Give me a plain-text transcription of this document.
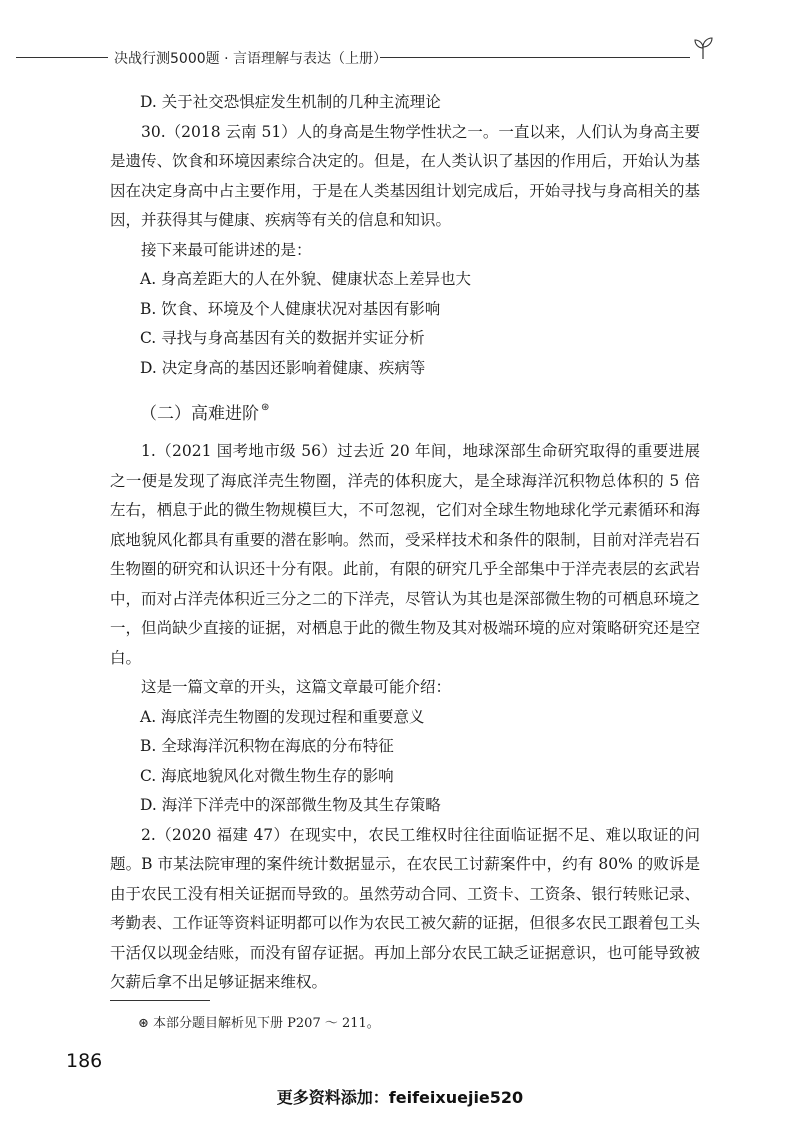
决战行测5000题 · 言语理解与表达（上册）

D. 关于社交恐惧症发生机制的几种主流理论

30.（2018 云南 51）人的身高是生物学性状之一。一直以来，人们认为身高主要是遗传、饮食和环境因素综合决定的。但是，在人类认识了基因的作用后，开始认为基因在决定身高中占主要作用，于是在人类基因组计划完成后，开始寻找与身高相关的基因，并获得其与健康、疾病等有关的信息和知识。

接下来最可能讲述的是：

A. 身高差距大的人在外貌、健康状态上差异也大

B. 饮食、环境及个人健康状况对基因有影响

C. 寻找与身高基因有关的数据并实证分析

D. 决定身高的基因还影响着健康、疾病等

（二）高难进阶 ⊛

1.（2021 国考地市级 56）过去近 20 年间，地球深部生命研究取得的重要进展之一便是发现了海底洋壳生物圈，洋壳的体积庞大，是全球海洋沉积物总体积的 5 倍左右，栖息于此的微生物规模巨大，不可忽视，它们对全球生物地球化学元素循环和海底地貌风化都具有重要的潜在影响。然而，受采样技术和条件的限制，目前对洋壳岩石生物圈的研究和认识还十分有限。此前，有限的研究几乎全部集中于洋壳表层的玄武岩中，而对占洋壳体积近三分之二的下洋壳，尽管认为其也是深部微生物的可栖息环境之一，但尚缺少直接的证据，对栖息于此的微生物及其对极端环境的应对策略研究还是空白。

这是一篇文章的开头，这篇文章最可能介绍：

A. 海底洋壳生物圈的发现过程和重要意义

B. 全球海洋沉积物在海底的分布特征

C. 海底地貌风化对微生物生存的影响

D. 海洋下洋壳中的深部微生物及其生存策略

2.（2020 福建 47）在现实中，农民工维权时往往面临证据不足、难以取证的问题。B 市某法院审理的案件统计数据显示，在农民工讨薪案件中，约有 80% 的败诉是由于农民工没有相关证据而导致的。虽然劳动合同、工资卡、工资条、银行转账记录、考勤表、工作证等资料证明都可以作为农民工被欠薪的证据，但很多农民工跟着包工头干活仅以现金结账，而没有留存证据。再加上部分农民工缺乏证据意识，也可能导致被欠薪后拿不出足够证据来维权。

⊛ 本部分题目解析见下册 P207 ～ 211。
186
更多资料添加：feifeixuejie520
